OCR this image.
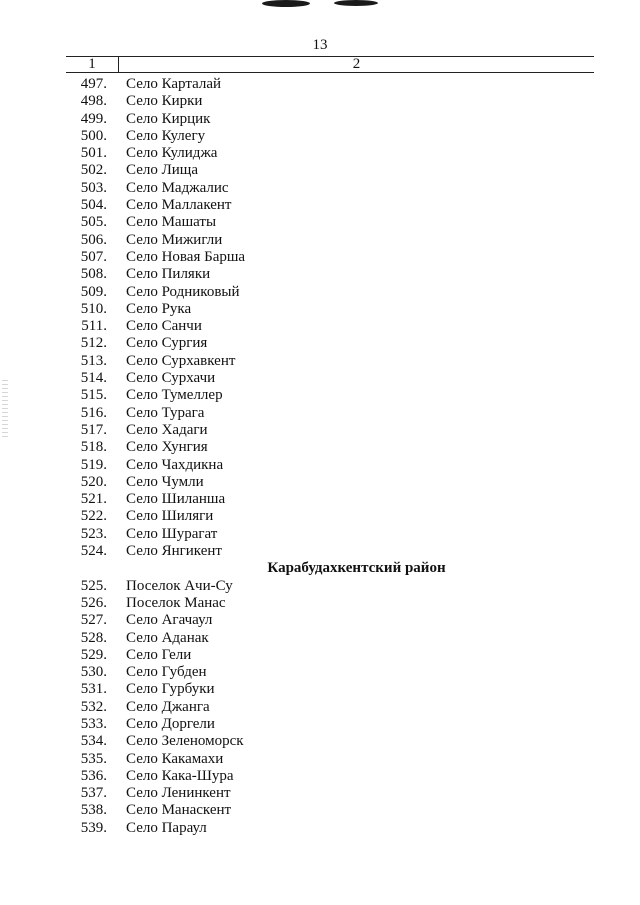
13
1	2
497. Село Карталай
498. Село Кирки
499. Село Кирцик
500. Село Кулегу
501. Село Кулиджа
502. Село Лища
503. Село Маджалис
504. Село Маллакент
505. Село Машаты
506. Село Мижигли
507. Село Новая Барша
508. Село Пиляки
509. Село Родниковый
510. Село Рука
511. Село Санчи
512. Село Сургия
513. Село Сурхавкент
514. Село Сурхачи
515. Село Тумеллер
516. Село Турага
517. Село Хадаги
518. Село Хунгия
519. Село Чахдикна
520. Село Чумли
521. Село Шиланша
522. Село Шиляги
523. Село Шурагат
524. Село Янгикент
Карабудахкентский район
525. Поселок Ачи-Су
526. Поселок Манас
527. Село Агачаул
528. Село Аданак
529. Село Гели
530. Село Губден
531. Село Гурбуки
532. Село Джанга
533. Село Доргели
534. Село Зеленоморск
535. Село Какамахи
536. Село Кака-Шура
537. Село Ленинкент
538. Село Манаскент
539. Село Параул
